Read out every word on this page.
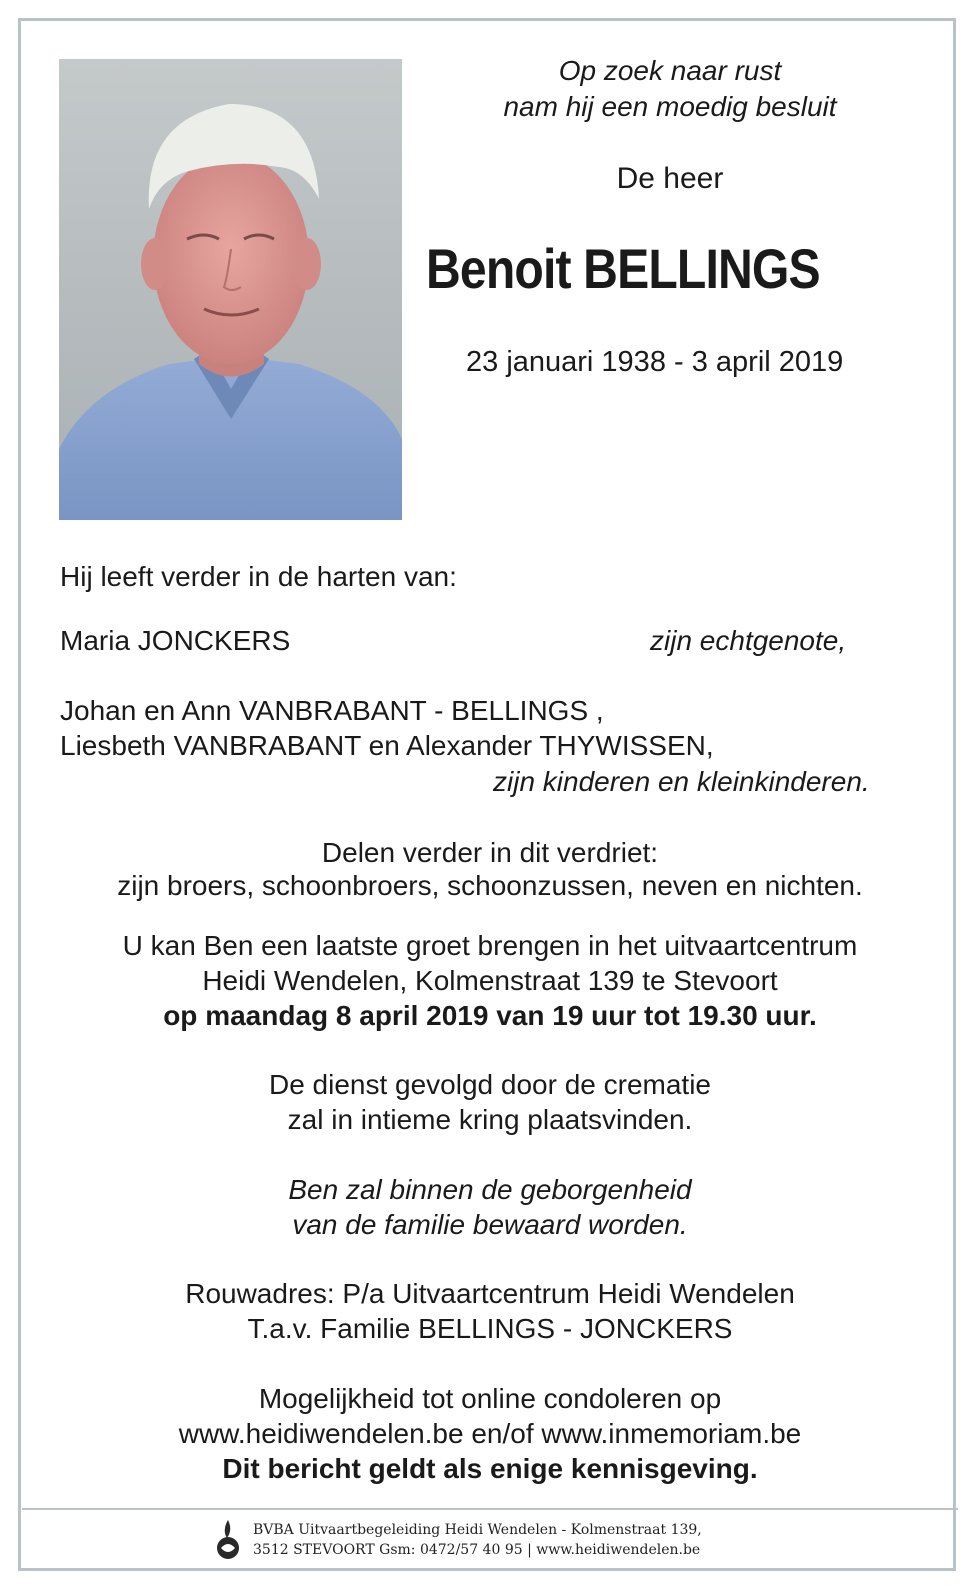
Op zoek naar rust
nam hij een moedig besluit
De heer
Benoit BELLINGS
23 januari 1938 - 3 april 2019
Hij leeft verder in de harten van:
Maria JONCKERS	zijn echtgenote,
Johan en Ann VANBRABANT - BELLINGS ,
Liesbeth VANBRABANT en Alexander THYWISSEN,
zijn kinderen en kleinkinderen.
Delen verder in dit verdriet:
zijn broers, schoonbroers, schoonzussen, neven en nichten.
U kan Ben een laatste groet brengen in het uitvaartcentrum
Heidi Wendelen, Kolmenstraat 139 te Stevoort
op maandag 8 april 2019 van 19 uur tot 19.30 uur.
De dienst gevolgd door de crematie
zal in intieme kring plaatsvinden.
Ben zal binnen de geborgenheid
van de familie bewaard worden.
Rouwadres: P/a Uitvaartcentrum Heidi Wendelen
T.a.v. Familie BELLINGS - JONCKERS
Mogelijkheid tot online condoleren op
www.heidiwendelen.be en/of www.inmemoriam.be
Dit bericht geldt als enige kennisgeving.
BVBA Uitvaartbegeleiding Heidi Wendelen - Kolmenstraat 139,
3512 STEVOORT Gsm: 0472/57 40 95 | www.heidiwendelen.be
